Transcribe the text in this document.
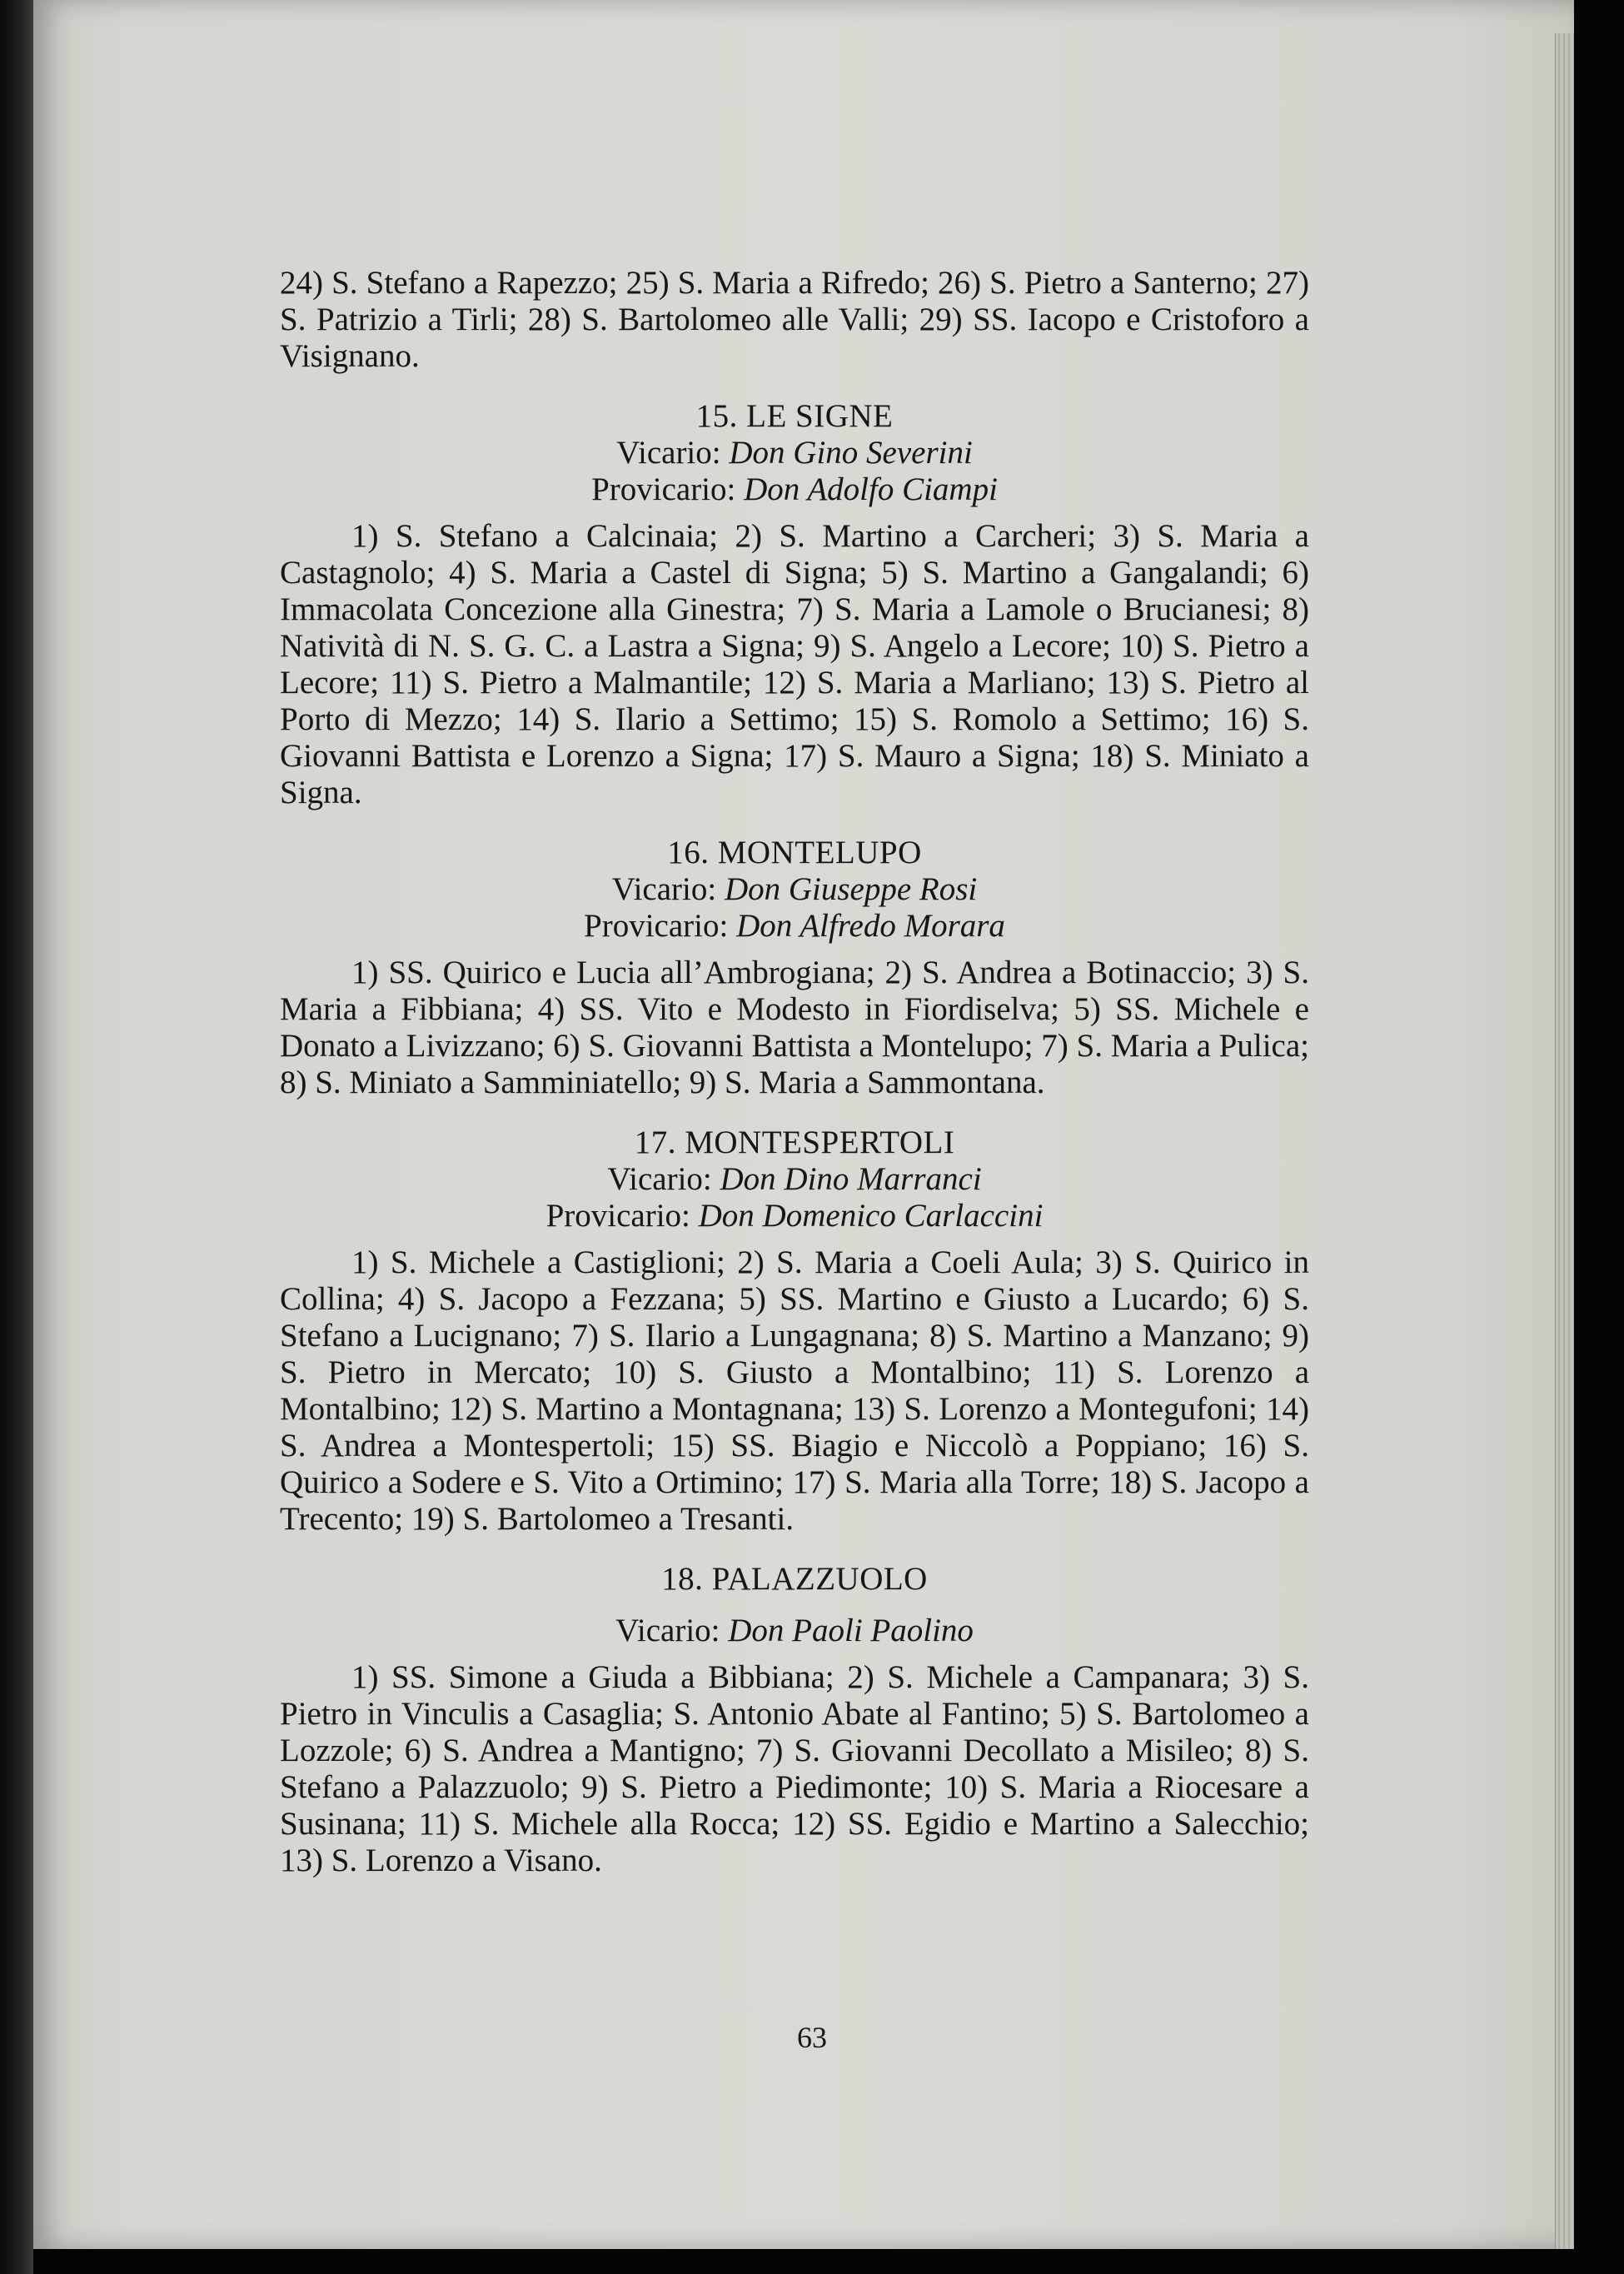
24) S. Stefano a Rapezzo; 25) S. Maria a Rifredo; 26) S. Pietro a Santerno; 27) S. Patrizio a Tirli; 28) S. Bartolomeo alle Valli; 29) SS. Iacopo e Cristoforo a Visignano.

15. LE SIGNE

Vicario: Don Gino Severini

Provicario: Don Adolfo Ciampi

1) S. Stefano a Calcinaia; 2) S. Martino a Carcheri; 3) S. Maria a Castagnolo; 4) S. Maria a Castel di Signa; 5) S. Martino a Gangalandi; 6) Immacolata Concezione alla Ginestra; 7) S. Maria a Lamole o Brucianesi; 8) Natività di N. S. G. C. a Lastra a Signa; 9) S. Angelo a Lecore; 10) S. Pietro a Lecore; 11) S. Pietro a Malmantile; 12) S. Maria a Marliano; 13) S. Pietro al Porto di Mezzo; 14) S. Ilario a Settimo; 15) S. Romolo a Settimo; 16) S. Giovanni Battista e Lorenzo a Signa; 17) S. Mauro a Signa; 18) S. Miniato a Signa.

16. MONTELUPO

Vicario: Don Giuseppe Rosi

Provicario: Don Alfredo Morara

1) SS. Quirico e Lucia all’Ambrogiana; 2) S. Andrea a Botinaccio; 3) S. Maria a Fibbiana; 4) SS. Vito e Modesto in Fiordiselva; 5) SS. Michele e Donato a Livizzano; 6) S. Giovanni Battista a Montelupo; 7) S. Maria a Pulica; 8) S. Miniato a Samminiatello; 9) S. Maria a Sammontana.

17. MONTESPERTOLI

Vicario: Don Dino Marranci

Provicario: Don Domenico Carlaccini

1) S. Michele a Castiglioni; 2) S. Maria a Coeli Aula; 3) S. Quirico in Collina; 4) S. Jacopo a Fezzana; 5) SS. Martino e Giusto a Lucardo; 6) S. Stefano a Lucignano; 7) S. Ilario a Lungagnana; 8) S. Martino a Manzano; 9) S. Pietro in Mercato; 10) S. Giusto a Montalbino; 11) S. Lorenzo a Montalbino; 12) S. Martino a Montagnana; 13) S. Lorenzo a Montegufoni; 14) S. Andrea a Montespertoli; 15) SS. Biagio e Niccolò a Poppiano; 16) S. Quirico a Sodere e S. Vito a Ortimino; 17) S. Maria alla Torre; 18) S. Jacopo a Trecento; 19) S. Bartolomeo a Tresanti.

18. PALAZZUOLO

Vicario: Don Paoli Paolino

1) SS. Simone a Giuda a Bibbiana; 2) S. Michele a Campanara; 3) S. Pietro in Vinculis a Casaglia; S. Antonio Abate al Fantino; 5) S. Bartolomeo a Lozzole; 6) S. Andrea a Mantigno; 7) S. Giovanni Decollato a Misileo; 8) S. Stefano a Palazzuolo; 9) S. Pietro a Piedimonte; 10) S. Maria a Riocesare a Susinana; 11) S. Michele alla Rocca; 12) SS. Egidio e Martino a Salecchio; 13) S. Lorenzo a Visano.

63
